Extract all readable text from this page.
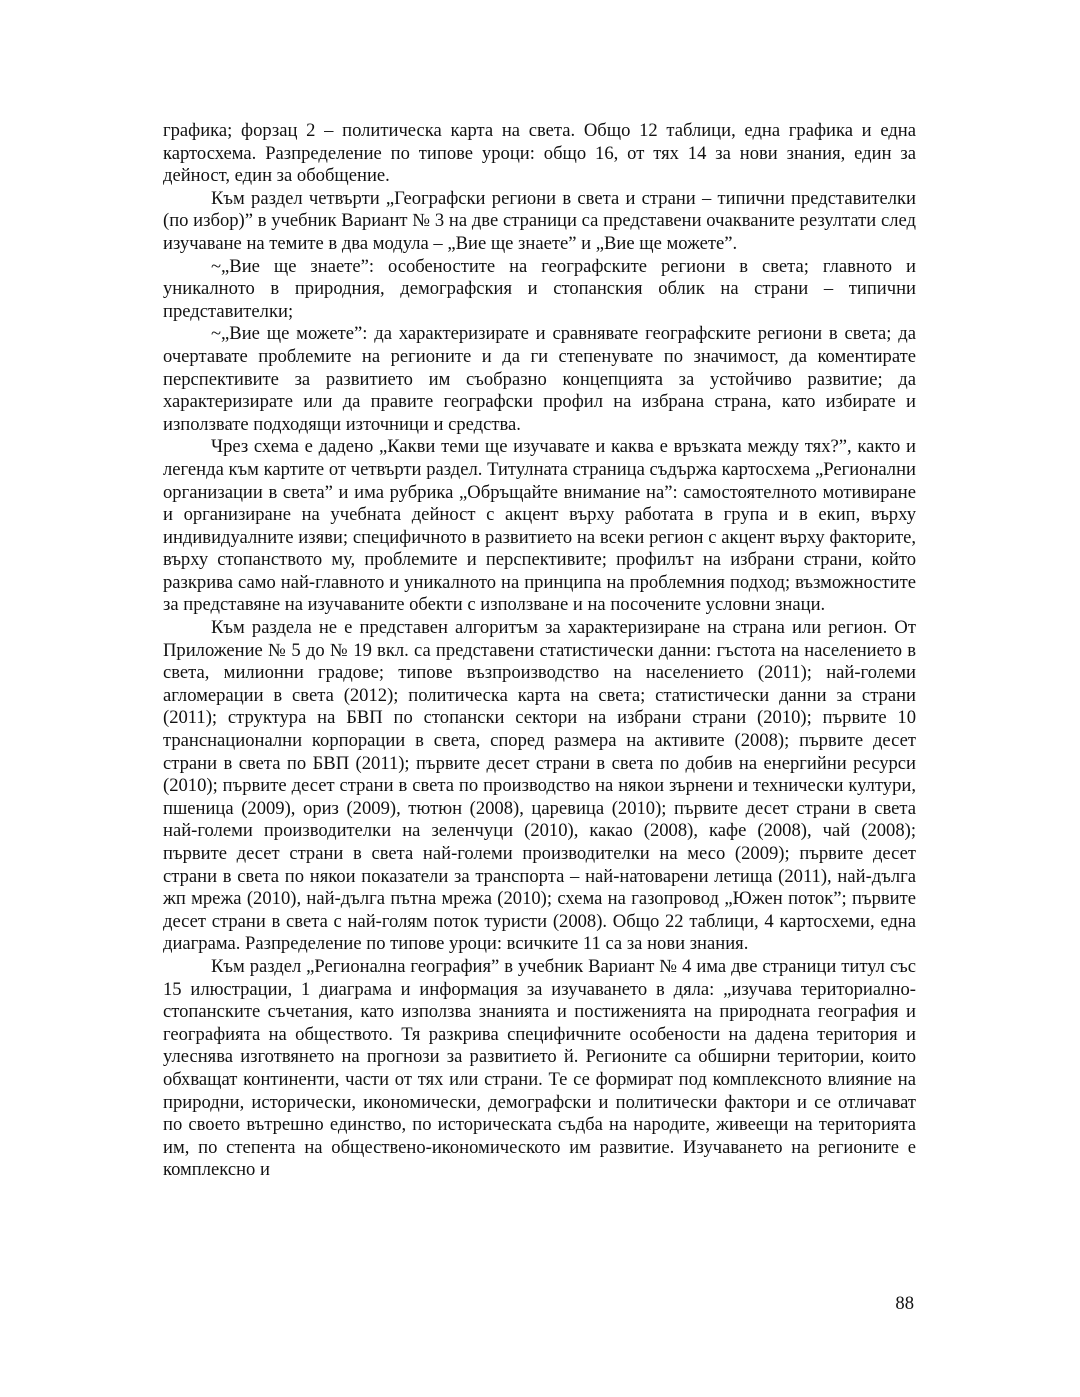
графика; форзац 2 – политическа карта на света. Общо 12 таблици, една графика и една картосхема. Разпределение по типове уроци: общо 16, от тях 14 за нови знания, един за дейност, един за обобщение.

Към раздел четвърти „Географски региони в света и страни – типични представителки (по избор)” в учебник Вариант № 3 на две страници са представени очакваните резултати след изучаване на темите в два модула – „Вие ще знаете” и „Вие ще можете”.

~„Вие ще знаете”: особеностите на географските региони в света; главното и уникалното в природния, демографския и стопанския облик на страни – типични представителки;

~„Вие ще можете”: да характеризирате и сравнявате географските региони в света; да очертавате проблемите на регионите и да ги степенувате по значимост, да коментирате перспективите за развитието им съобразно концепцията за устойчиво развитие; да характеризирате или да правите географски профил на избрана страна, като избирате и използвате подходящи източници и средства.

Чрез схема е дадено „Какви теми ще изучавате и каква е връзката между тях?”, както и легенда към картите от четвърти раздел. Титулната страница съдържа картосхема „Регионални организации в света” и има рубрика „Обръщайте внимание на”: самостоятелното мотивиране и организиране на учебната дейност с акцент върху работата в група и в екип, върху индивидуалните изяви; специфичното в развитието на всеки регион с акцент върху факторите, върху стопанството му, проблемите и перспективите; профилът на избрани страни, който разкрива само най-главното и уникалното на принципа на проблемния подход; възможностите за представяне на изучаваните обекти с използване и на посочените условни знаци.

Към раздела не е представен алгоритъм за характеризиране на страна или регион. От Приложение № 5 до № 19 вкл. са представени статистически данни: гъстота на населението в света, милионни градове; типове възпроизводство на населението (2011); най-големи агломерации в света (2012); политическа карта на света; статистически данни за страни (2011); структура на БВП по стопански сектори на избрани страни (2010); първите 10 транснационални корпорации в света, според размера на активите (2008); първите десет страни в света по БВП (2011); първите десет страни в света по добив на енергийни ресурси (2010); първите десет страни в света по производство на някои зърнени и технически култури, пшеница (2009), ориз (2009), тютюн (2008), царевица (2010); първите десет страни в света най-големи производителки на зеленчуци (2010), какао (2008), кафе (2008), чай (2008); първите десет страни в света най-големи производителки на месо (2009); първите десет страни в света по някои показатели за транспорта – най-натоварени летища (2011), най-дълга жп мрежа (2010), най-дълга пътна мрежа (2010); схема на газопровод „Южен поток”; първите десет страни в света с най-голям поток туристи (2008). Общо 22 таблици, 4 картосхеми, една диаграма. Разпределение по типове уроци: всичките 11 са за нови знания.

Към раздел „Регионална география” в учебник Вариант № 4 има две страници титул със 15 илюстрации, 1 диаграма и информация за изучаването в дяла: „изучава териториално-стопанските съчетания, като използва знанията и постиженията на природната география и географията на обществото. Тя разкрива специфичните особености на дадена територия и улеснява изготвянето на прогнози за развитието й. Регионите са обширни територии, които обхващат континенти, части от тях или страни. Те се формират под комплексното влияние на природни, исторически, икономически, демографски и политически фактори и се отличават по своето вътрешно единство, по историческата съдба на народите, живеещи на територията им, по степента на обществено-икономическото им развитие. Изучаването на регионите е комплексно и

88
